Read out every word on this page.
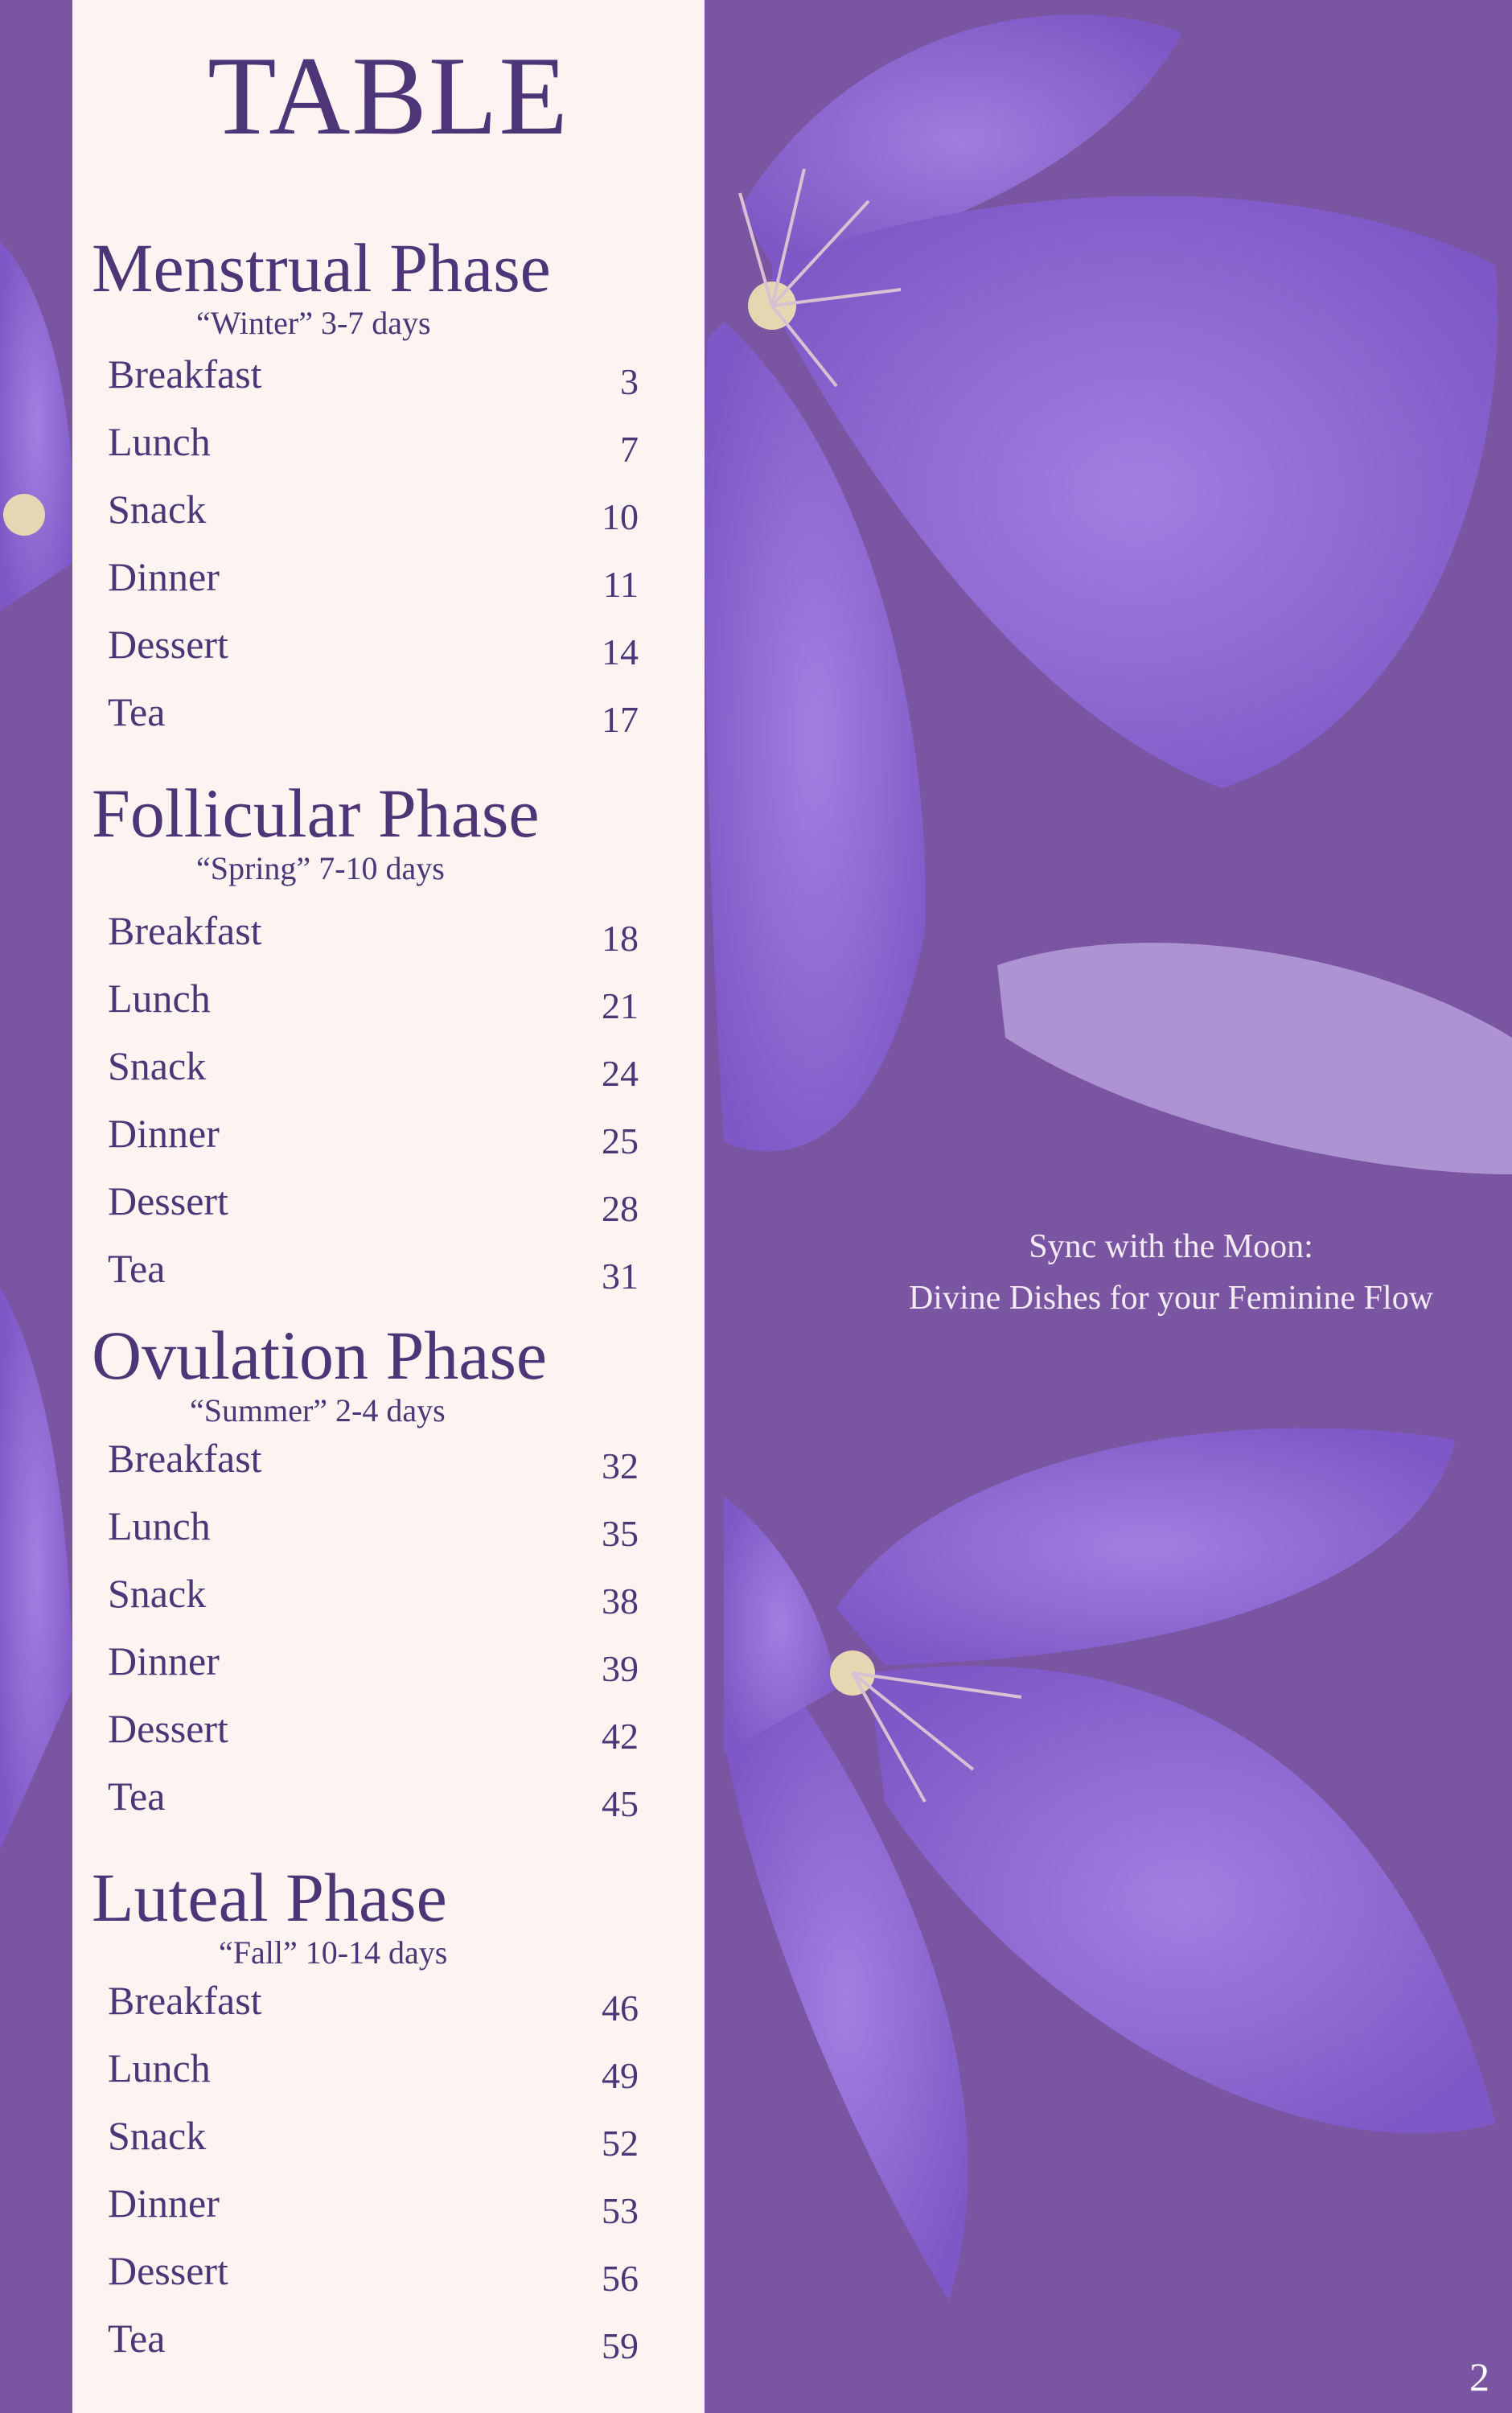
TABLE
Menstrual Phase
“Winter” 3-7 days
Breakfast	3
Lunch	7
Snack	10
Dinner	11
Dessert	14
Tea	17
Follicular Phase
“Spring” 7-10 days
Breakfast	18
Lunch	21
Snack	24
Dinner	25
Dessert	28
Tea	31
Ovulation Phase
“Summer” 2-4 days
Breakfast	32
Lunch	35
Snack	38
Dinner	39
Dessert	42
Tea	45
Luteal Phase
“Fall” 10-14 days
Breakfast	46
Lunch	49
Snack	52
Dinner	53
Dessert	56
Tea	59
Sync with the Moon:
Divine Dishes for your Feminine Flow
2
